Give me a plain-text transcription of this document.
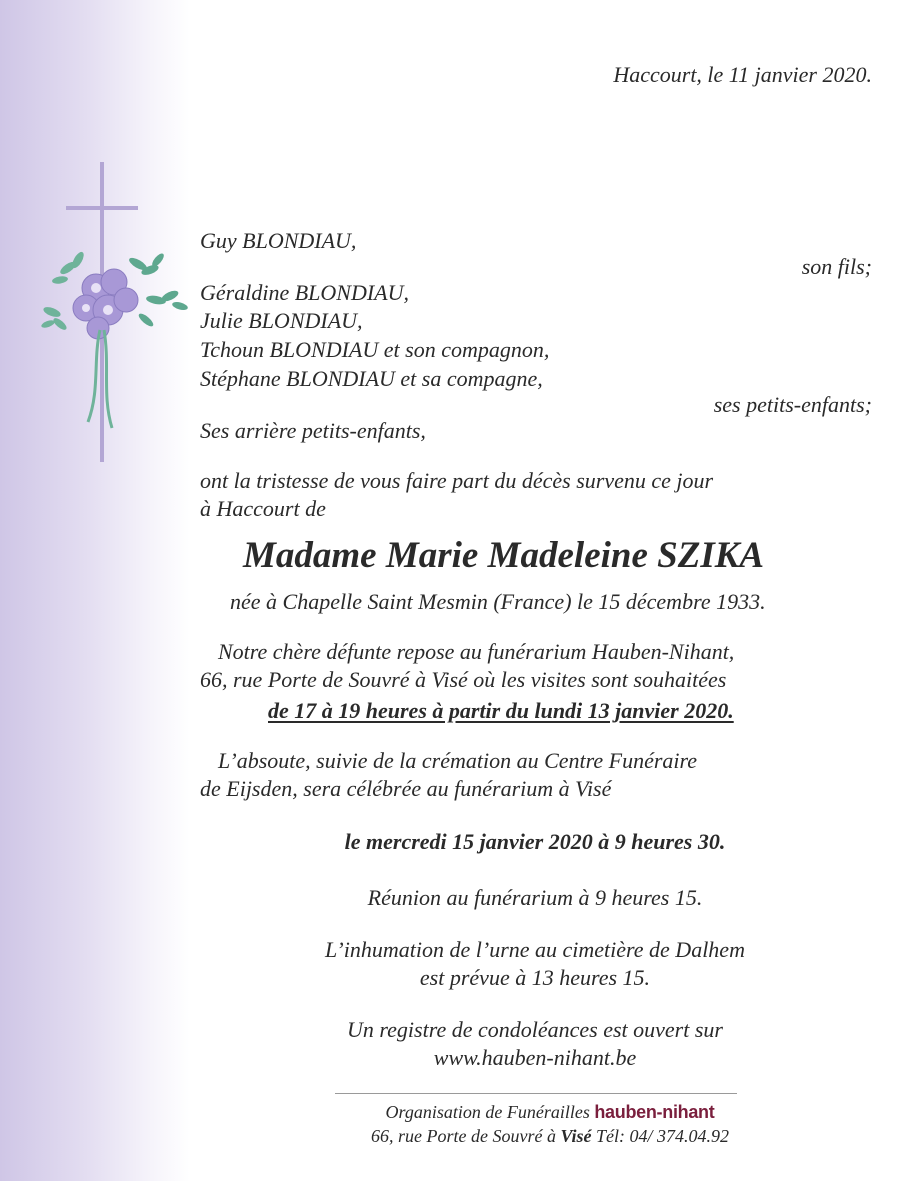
Haccourt, le 11 janvier 2020.

Guy BLONDIAU,

son fils;

Géraldine BLONDIAU,

Julie BLONDIAU,

Tchoun BLONDIAU et son compagnon,

Stéphane BLONDIAU et sa compagne,

ses petits-enfants;

Ses arrière petits-enfants,

ont la tristesse de vous faire part du décès survenu ce jour

à Haccourt de

Madame Marie Madeleine SZIKA

née à Chapelle Saint Mesmin (France) le 15 décembre 1933.

Notre chère défunte repose au funérarium Hauben-Nihant,

66, rue Porte de Souvré à Visé où les visites sont souhaitées

de 17 à 19 heures à partir du lundi 13 janvier 2020.

L’absoute, suivie de la crémation au Centre Funéraire

de Eijsden, sera célébrée au funérarium à Visé

le mercredi 15 janvier 2020 à 9 heures 30.

Réunion au funérarium à 9 heures 15.

L’inhumation de l’urne au cimetière de Dalhem

est prévue à 13 heures 15.

Un registre de condoléances est ouvert sur

www.hauben-nihant.be

Organisation de Funérailles hauben-nihant
66, rue Porte de Souvré à Visé Tél: 04/ 374.04.92
